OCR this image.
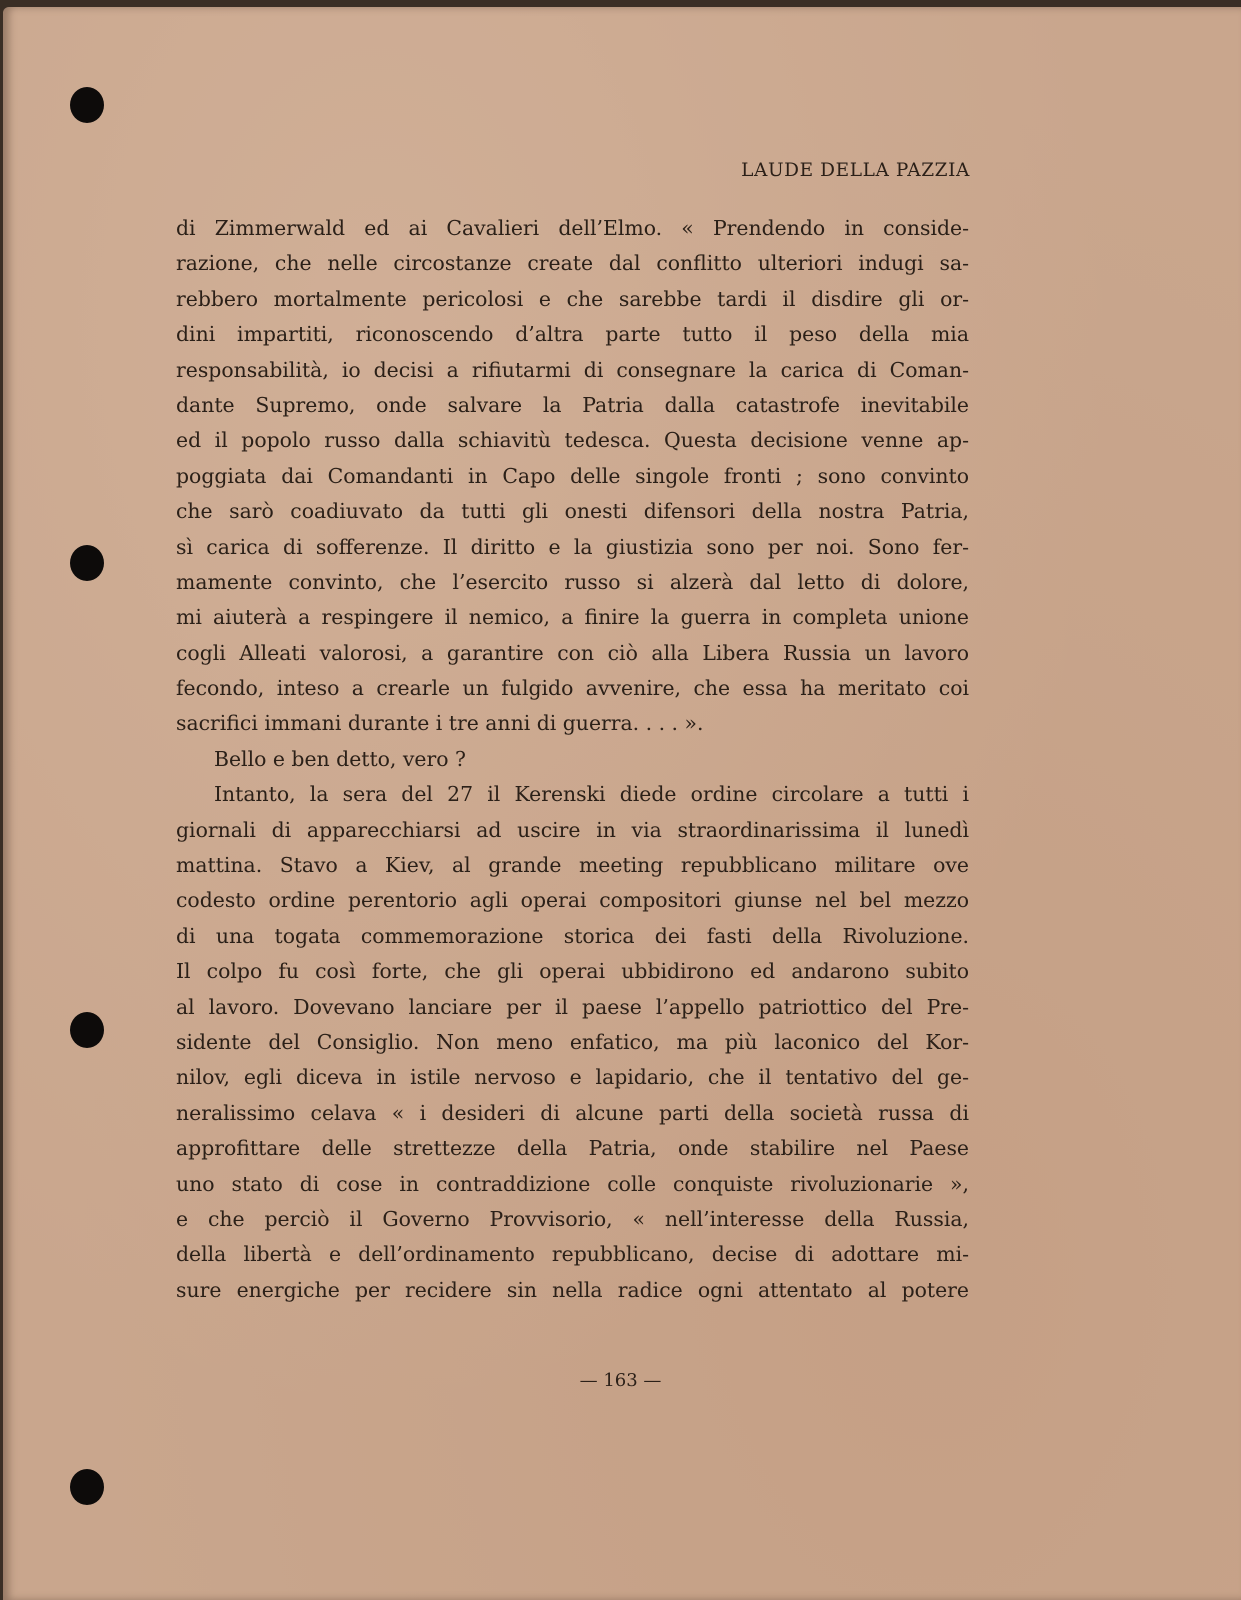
LAUDE DELLA PAZZIA
di Zimmerwald ed ai Cavalieri dell’Elmo. « Prendendo in conside-
razione, che nelle circostanze create dal conflitto ulteriori indugi sa-
rebbero mortalmente pericolosi e che sarebbe tardi il disdire gli or-
dini impartiti, riconoscendo d’altra parte tutto il peso della mia
responsabilità, io decisi a rifiutarmi di consegnare la carica di Coman-
dante Supremo, onde salvare la Patria dalla catastrofe inevitabile
ed il popolo russo dalla schiavitù tedesca. Questa decisione venne ap-
poggiata dai Comandanti in Capo delle singole fronti ; sono convinto
che sarò coadiuvato da tutti gli onesti difensori della nostra Patria,
sì carica di sofferenze. Il diritto e la giustizia sono per noi. Sono fer-
mamente convinto, che l’esercito russo si alzerà dal letto di dolore,
mi aiuterà a respingere il nemico, a finire la guerra in completa unione
cogli Alleati valorosi, a garantire con ciò alla Libera Russia un lavoro
fecondo, inteso a crearle un fulgido avvenire, che essa ha meritato coi
sacrifici immani durante i tre anni di guerra. . . . ».
Bello e ben detto, vero ?
Intanto, la sera del 27 il Kerenski diede ordine circolare a tutti i
giornali di apparecchiarsi ad uscire in via straordinarissima il lunedì
mattina. Stavo a Kiev, al grande meeting repubblicano militare ove
codesto ordine perentorio agli operai compositori giunse nel bel mezzo
di una togata commemorazione storica dei fasti della Rivoluzione.
Il colpo fu così forte, che gli operai ubbidirono ed andarono subito
al lavoro. Dovevano lanciare per il paese l’appello patriottico del Pre-
sidente del Consiglio. Non meno enfatico, ma più laconico del Kor-
nilov, egli diceva in istile nervoso e lapidario, che il tentativo del ge-
neralissimo celava « i desideri di alcune parti della società russa di
approfittare delle strettezze della Patria, onde stabilire nel Paese
uno stato di cose in contraddizione colle conquiste rivoluzionarie »,
e che perciò il Governo Provvisorio, « nell’interesse della Russia,
della libertà e dell’ordinamento repubblicano, decise di adottare mi-
sure energiche per recidere sin nella radice ogni attentato al potere
— 163 —
